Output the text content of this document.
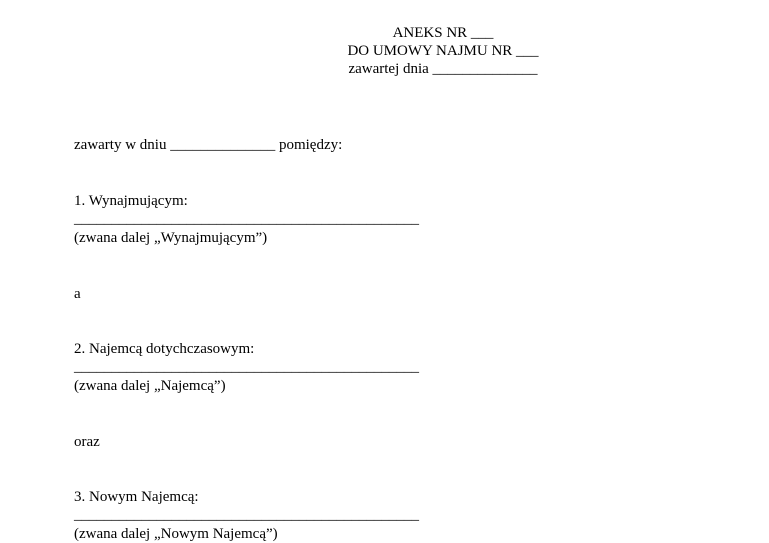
ANEKS NR ___
DO UMOWY NAJMU NR ___
zawartej dnia ______________
zawarty w dniu ______________ pomiędzy:
1. Wynajmującym:
______________________________________________
(zwana dalej „Wynajmującym”)
a
2. Najemcą dotychczasowym:
______________________________________________
(zwana dalej „Najemcą”)
oraz
3. Nowym Najemcą:
______________________________________________
(zwana dalej „Nowym Najemcą”)
